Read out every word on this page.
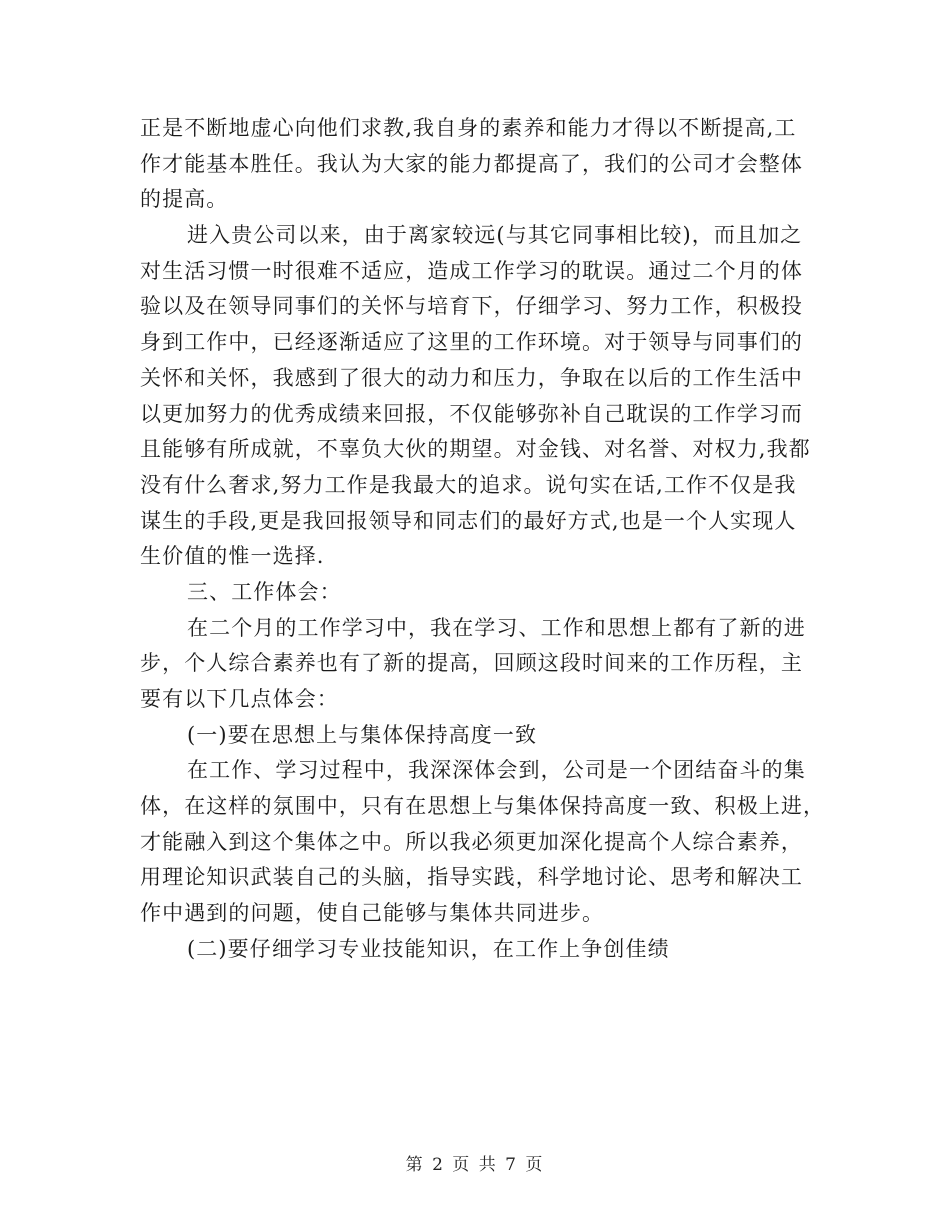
正是不断地虚心向他们求教,我自身的素养和能力才得以不断提高,工
作才能基本胜任。我认为大家的能力都提高了，我们的公司才会整体
的提高。
进入贵公司以来，由于离家较远(与其它同事相比较)，而且加之
对生活习惯一时很难不适应，造成工作学习的耽误。通过二个月的体
验以及在领导同事们的关怀与培育下，仔细学习、努力工作，积极投
身到工作中，已经逐渐适应了这里的工作环境。对于领导与同事们的
关怀和关怀，我感到了很大的动力和压力，争取在以后的工作生活中
以更加努力的优秀成绩来回报，不仅能够弥补自己耽误的工作学习而
且能够有所成就，不辜负大伙的期望。对金钱、对名誉、对权力,我都
没有什么奢求,努力工作是我最大的追求。说句实在话,工作不仅是我
谋生的手段,更是我回报领导和同志们的最好方式,也是一个人实现人
生价值的惟一选择.
三、工作体会：
在二个月的工作学习中，我在学习、工作和思想上都有了新的进
步，个人综合素养也有了新的提高，回顾这段时间来的工作历程，主
要有以下几点体会：
(一)要在思想上与集体保持高度一致
在工作、学习过程中，我深深体会到，公司是一个团结奋斗的集
体，在这样的氛围中，只有在思想上与集体保持高度一致、积极上进，
才能融入到这个集体之中。所以我必须更加深化提高个人综合素养，
用理论知识武装自己的头脑，指导实践，科学地讨论、思考和解决工
作中遇到的问题，使自己能够与集体共同进步。
(二)要仔细学习专业技能知识，在工作上争创佳绩
第 2 页 共 7 页
